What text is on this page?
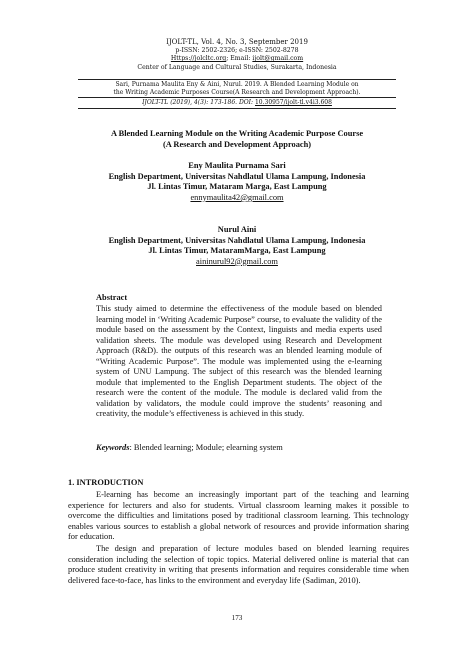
IJOLT-TL, Vol. 4, No. 3, September 2019
p-ISSN: 2502-2326; e-ISSN: 2502-8278
Https://jolcltc.org; Email: ijolt@gmail.com
Center of Language and Cultural Studies, Surakarta, Indonesia
Sari, Purnama Maulita Eny & Aini, Nurul. 2019. A Blended Learning Module on
the Writing Academic Purposes Course(A Research and Development Approach).
IJOLT-TL (2019), 4(3): 173-186. DOI: 10.30957/ijolt-tl.v4i3.608
A Blended Learning Module on the Writing Academic Purpose Course
(A Research and Development Approach)
Eny Maulita Purnama Sari
English Department, Universitas Nahdlatul Ulama Lampung, Indonesia
Jl. Lintas Timur, Mataram Marga, East Lampung
ennymaulita42@gmail.com
Nurul Aini
English Department, Universitas Nahdlatul Ulama Lampung, Indonesia
Jl. Lintas Timur, MataramMarga, East Lampung
aininurul92@gmail.com
Abstract

This study aimed to determine the effectiveness of the module based on blended learning model in ‘Writing Academic Purpose” course, to evaluate the validity of the module based on the assessment by the Context, linguists and media experts used validation sheets. The module was developed using Research and Development Approach (R&D). the outputs of this research was an blended learning module of “Writing Academic Purpose”. The module was implemented using the e-learning system of UNU Lampung. The subject of this research was the blended learning module that implemented to the English Department students. The object of the research were the content of the module. The module is declared valid from the validation by validators, the module could improve the students’ reasoning and creativity, the module’s effectiveness is achieved in this study.

Keywords: Blended learning; Module; elearning system
1. INTRODUCTION

E-learning has become an increasingly important part of the teaching and learning experience for lecturers and also for students. Virtual classroom learning makes it possible to overcome the difficulties and limitations posed by traditional classroom learning. This technology enables various sources to establish a global network of resources and provide information sharing for education.

The design and preparation of lecture modules based on blended learning requires consideration including the selection of topic topics. Material delivered online is material that can produce student creativity in writing that presents information and requires considerable time when delivered face-to-face, has links to the environment and everyday life (Sadiman, 2010).

173
